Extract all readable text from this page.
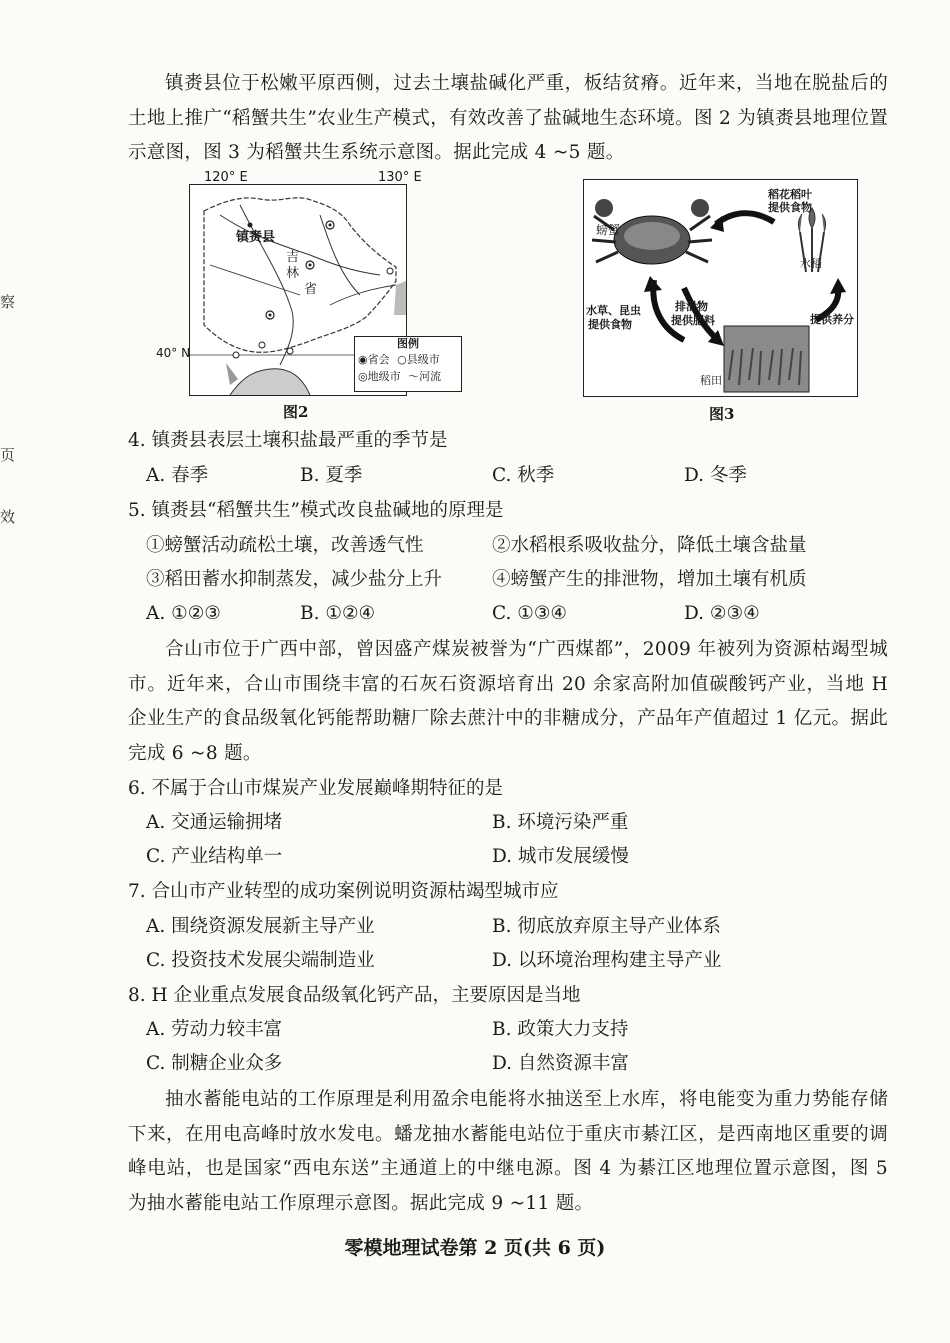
察
页
效
镇赉县位于松嫩平原西侧，过去土壤盐碱化严重，板结贫瘠。近年来，当地在脱盐后的土地上推广“稻蟹共生”农业生产模式，有效改善了盐碱地生态环境。图 2 为镇赉县地理位置示意图，图 3 为稻蟹共生系统示意图。据此完成 4 ~5 题。
120° E	130° E
40° N
镇赉县
吉
林
省
图例
◉省会 ○县级市
◎地级市 〜河流
图2
螃蟹
稻花稻叶
提供食物
水稻
水草、昆虫
提供食物
排泄物
提供肥料	提供养分
稻田
图3
4. 镇赉县表层土壤积盐最严重的季节是
A. 春季	B. 夏季	C. 秋季	D. 冬季
5. 镇赉县“稻蟹共生”模式改良盐碱地的原理是
①螃蟹活动疏松土壤，改善透气性	②水稻根系吸收盐分，降低土壤含盐量
③稻田蓄水抑制蒸发，减少盐分上升	④螃蟹产生的排泄物，增加土壤有机质
A. ①②③	B. ①②④	C. ①③④	D. ②③④
合山市位于广西中部，曾因盛产煤炭被誉为“广西煤都”，2009 年被列为资源枯竭型城市。近年来，合山市围绕丰富的石灰石资源培育出 20 余家高附加值碳酸钙产业，当地 H 企业生产的食品级氧化钙能帮助糖厂除去蔗汁中的非糖成分，产品年产值超过 1 亿元。据此完成 6 ~8 题。
6. 不属于合山市煤炭产业发展巅峰期特征的是
A. 交通运输拥堵	B. 环境污染严重
C. 产业结构单一	D. 城市发展缓慢
7. 合山市产业转型的成功案例说明资源枯竭型城市应
A. 围绕资源发展新主导产业	B. 彻底放弃原主导产业体系
C. 投资技术发展尖端制造业	D. 以环境治理构建主导产业
8. H 企业重点发展食品级氧化钙产品，主要原因是当地
A. 劳动力较丰富	B. 政策大力支持
C. 制糖企业众多	D. 自然资源丰富
抽水蓄能电站的工作原理是利用盈余电能将水抽送至上水库，将电能变为重力势能存储下来，在用电高峰时放水发电。蟠龙抽水蓄能电站位于重庆市綦江区，是西南地区重要的调峰电站，也是国家“西电东送”主通道上的中继电源。图 4 为綦江区地理位置示意图，图 5 为抽水蓄能电站工作原理示意图。据此完成 9 ~11 题。
零模地理试卷第 2 页(共 6 页)
